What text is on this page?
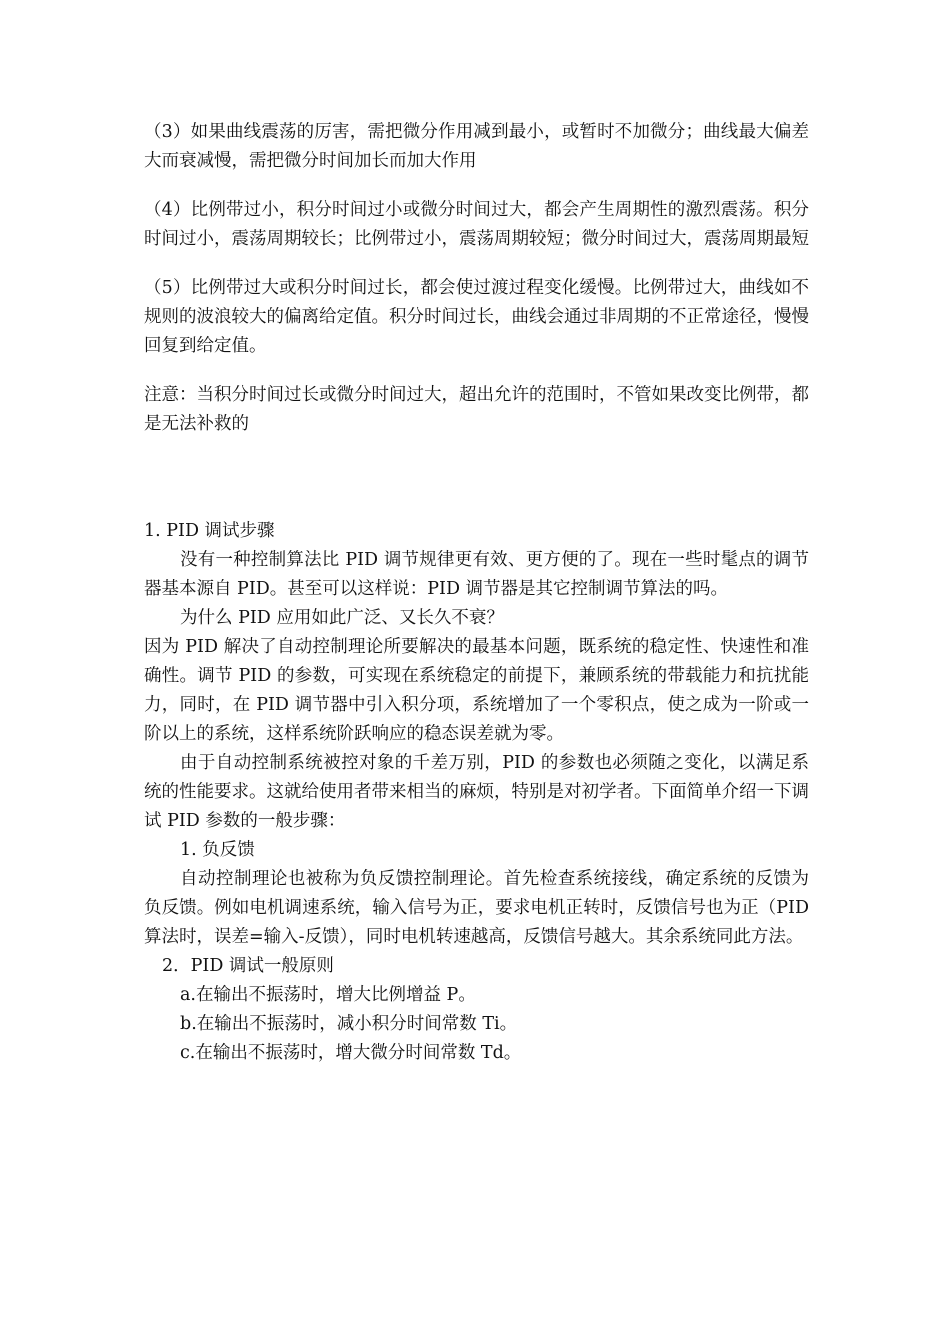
（3）如果曲线震荡的厉害，需把微分作用减到最小，或暂时不加微分；曲线最大偏差大而衰减慢，需把微分时间加长而加大作用

（4）比例带过小，积分时间过小或微分时间过大，都会产生周期性的激烈震荡。积分时间过小，震荡周期较长；比例带过小，震荡周期较短；微分时间过大，震荡周期最短

（5）比例带过大或积分时间过长，都会使过渡过程变化缓慢。比例带过大，曲线如不规则的波浪较大的偏离给定值。积分时间过长，曲线会通过非周期的不正常途径，慢慢回复到给定值。

注意：当积分时间过长或微分时间过大，超出允许的范围时，不管如果改变比例带，都是无法补救的

1. PID 调试步骤

没有一种控制算法比 PID 调节规律更有效、更方便的了。现在一些时髦点的调节器基本源自 PID。甚至可以这样说：PID 调节器是其它控制调节算法的吗。

为什么 PID 应用如此广泛、又长久不衰？

因为 PID 解决了自动控制理论所要解决的最基本问题，既系统的稳定性、快速性和准确性。调节 PID 的参数，可实现在系统稳定的前提下，兼顾系统的带载能力和抗扰能力，同时，在 PID 调节器中引入积分项，系统增加了一个零积点，使之成为一阶或一阶以上的系统，这样系统阶跃响应的稳态误差就为零。

由于自动控制系统被控对象的千差万别，PID 的参数也必须随之变化，以满足系统的性能要求。这就给使用者带来相当的麻烦，特别是对初学者。下面简单介绍一下调试 PID 参数的一般步骤：

1. 负反馈

自动控制理论也被称为负反馈控制理论。首先检查系统接线，确定系统的反馈为负反馈。例如电机调速系统，输入信号为正，要求电机正转时，反馈信号也为正（PID 算法时，误差=输入-反馈），同时电机转速越高，反馈信号越大。其余系统同此方法。

2．PID 调试一般原则

a.在输出不振荡时，增大比例增益 P。

b.在输出不振荡时，减小积分时间常数 Ti。

c.在输出不振荡时，增大微分时间常数 Td。
